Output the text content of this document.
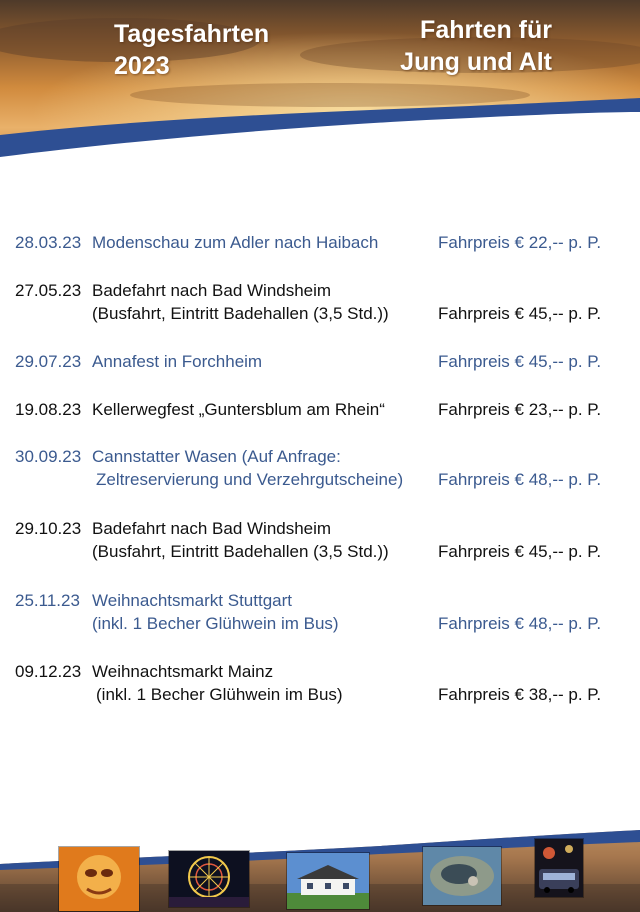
Tagesfahrten
2023
Fahrten für
Jung und Alt
28.03.23 Modenschau zum Adler nach Haibach	Fahrpreis € 22,-- p. P.
27.05.23 Badefahrt nach Bad Windsheim
(Busfahrt, Eintritt Badehallen (3,5 Std.))	Fahrpreis € 45,-- p. P.
29.07.23 Annafest in Forchheim	Fahrpreis € 45,-- p. P.
19.08.23 Kellerwegfest „Guntersblum am Rhein“	Fahrpreis € 23,-- p. P.
30.09.23 Cannstatter Wasen (Auf Anfrage:
Zeltreservierung und Verzehrgutscheine) Fahrpreis € 48,-- p. P.
29.10.23 Badefahrt nach Bad Windsheim
(Busfahrt, Eintritt Badehallen (3,5 Std.))	Fahrpreis € 45,-- p. P.
25.11.23 Weihnachtsmarkt Stuttgart
(inkl. 1 Becher Glühwein im Bus)	Fahrpreis € 48,-- p. P.
09.12.23 Weihnachtsmarkt Mainz
(inkl. 1 Becher Glühwein im Bus)	Fahrpreis € 38,-- p. P.
